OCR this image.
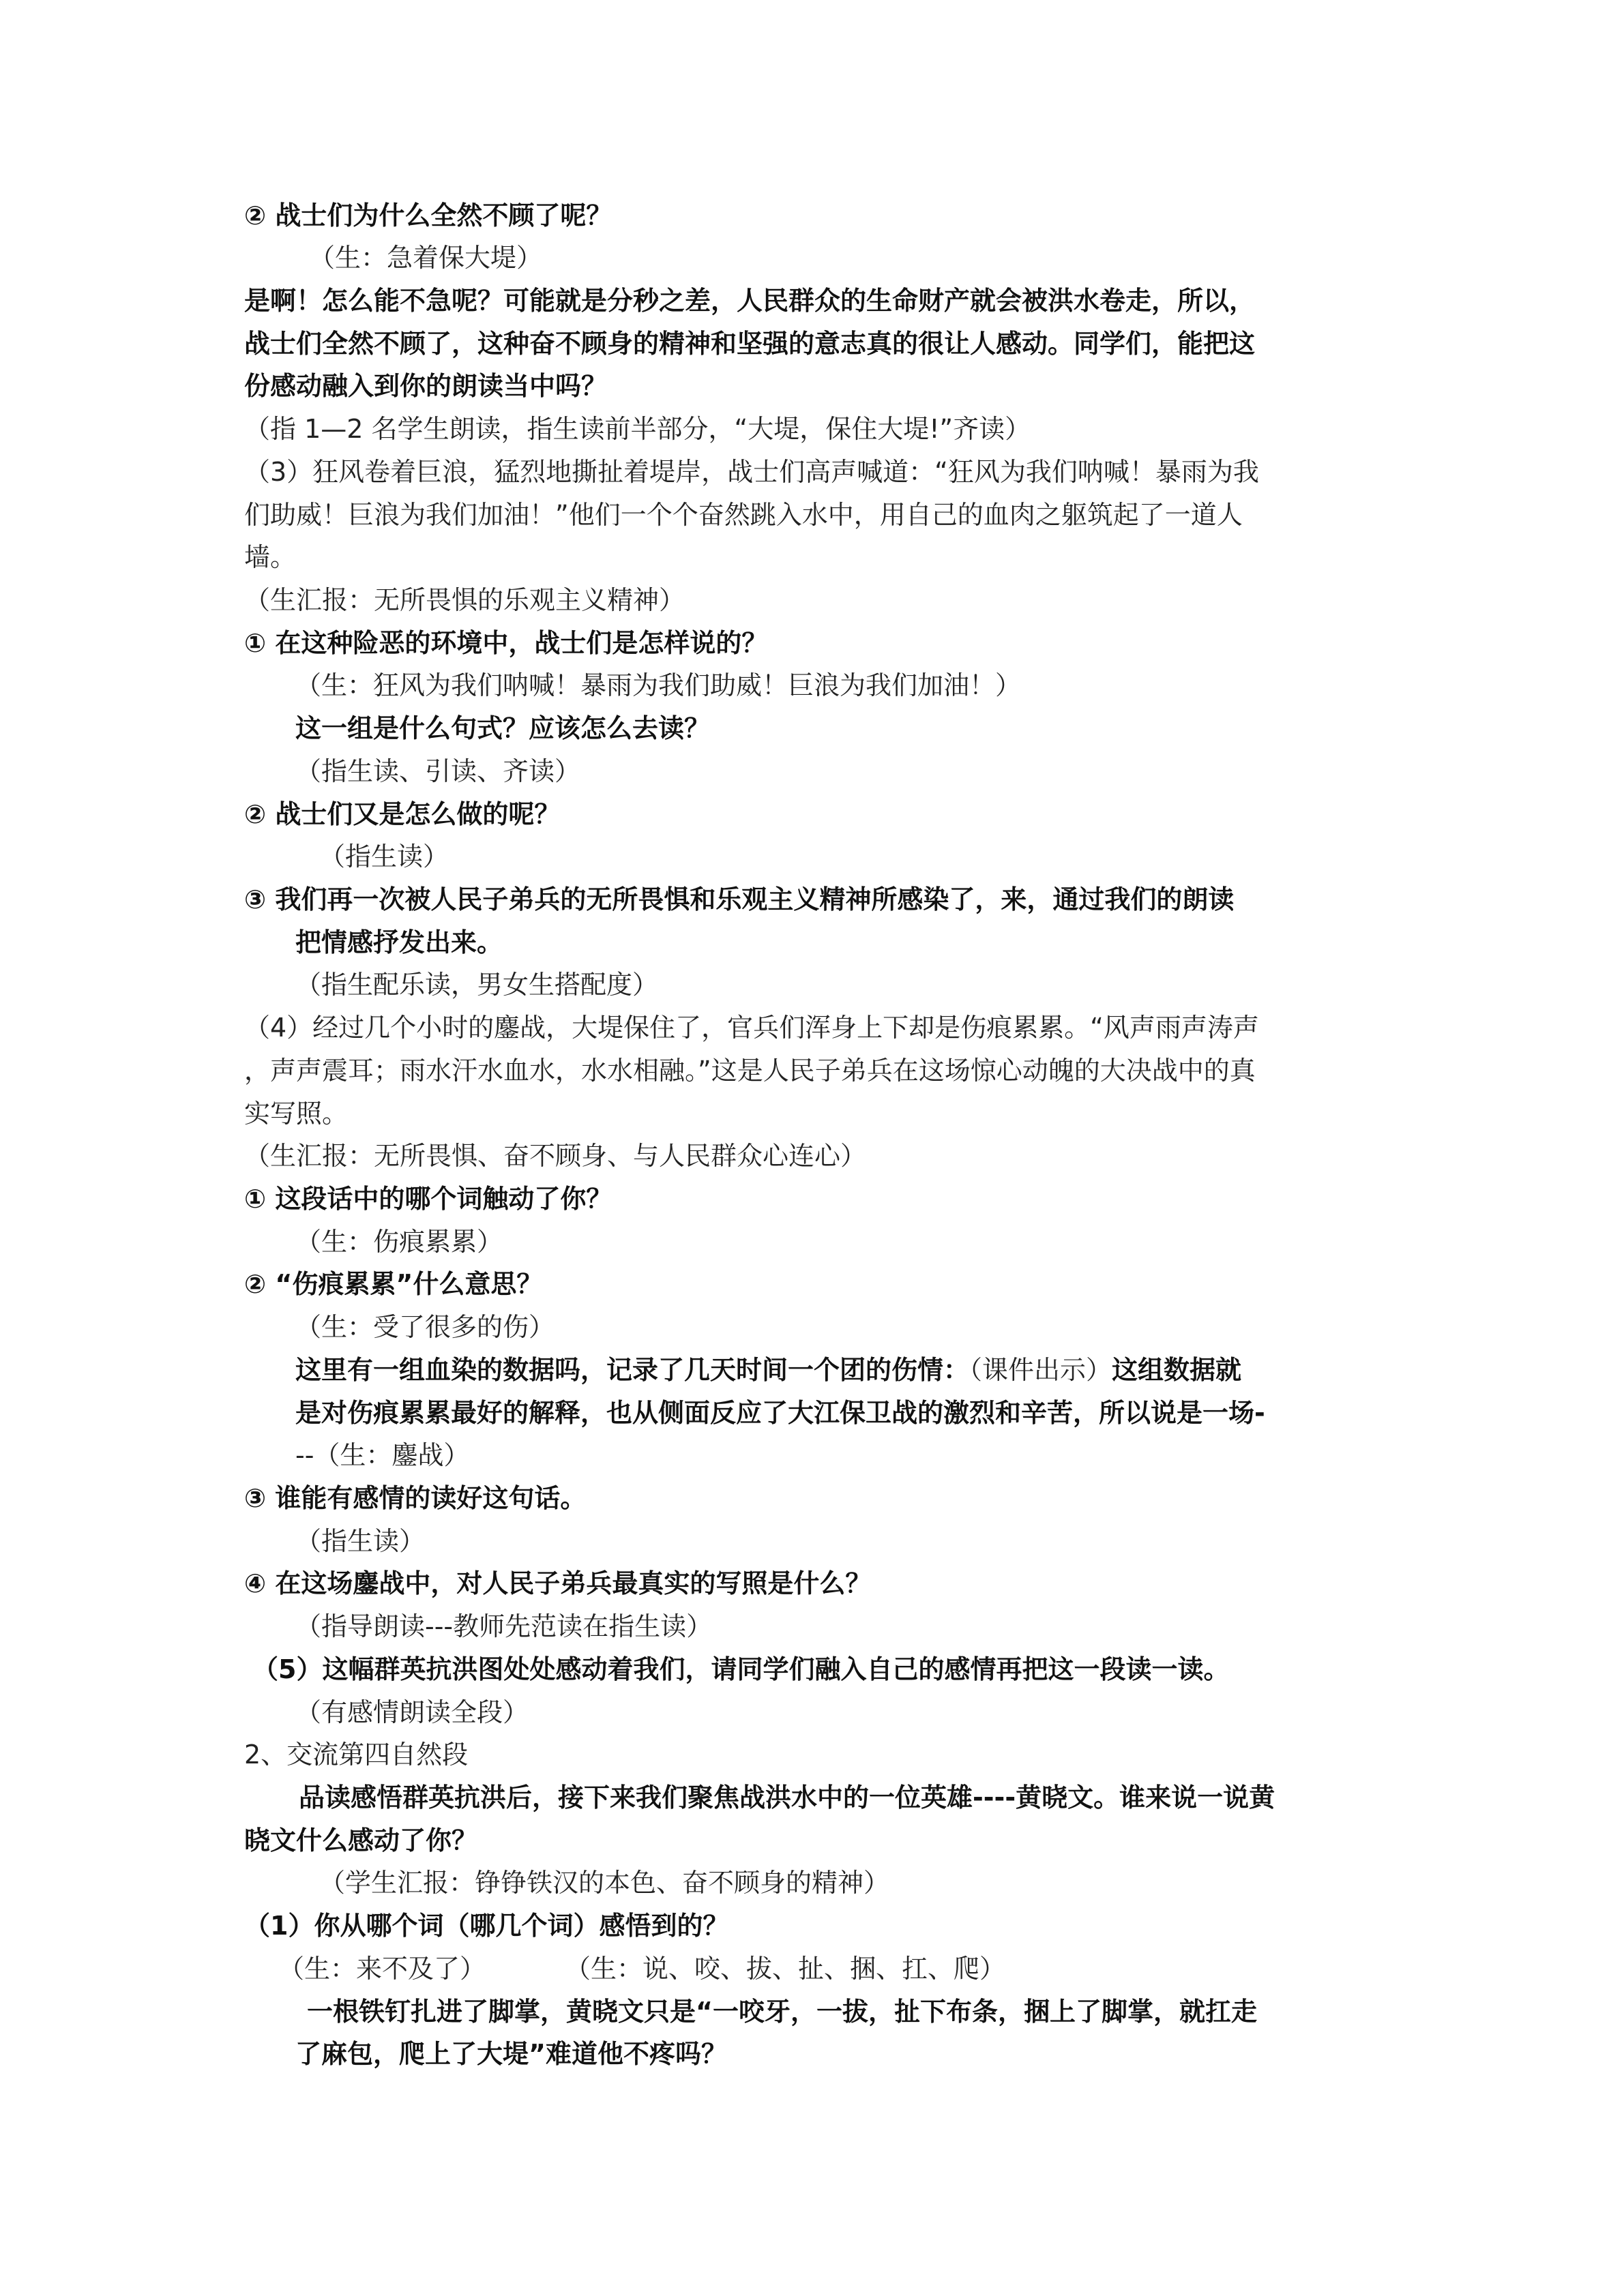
② 战士们为什么全然不顾了呢？
（生：急着保大堤）
是啊！怎么能不急呢？可能就是分秒之差，人民群众的生命财产就会被洪水卷走，所以，
战士们全然不顾了，这种奋不顾身的精神和坚强的意志真的很让人感动。同学们，能把这
份感动融入到你的朗读当中吗？
（指 1—2 名学生朗读，指生读前半部分，“大堤，保住大堤!”齐读）
（3）狂风卷着巨浪，猛烈地撕扯着堤岸，战士们高声喊道：“狂风为我们呐喊！暴雨为我
们助威！巨浪为我们加油！”他们一个个奋然跳入水中，用自己的血肉之躯筑起了一道人
墙。
（生汇报：无所畏惧的乐观主义精神）
① 在这种险恶的环境中，战士们是怎样说的？
（生：狂风为我们呐喊！暴雨为我们助威！巨浪为我们加油！）
这一组是什么句式？应该怎么去读？
（指生读、引读、齐读）
② 战士们又是怎么做的呢？
（指生读）
③ 我们再一次被人民子弟兵的无所畏惧和乐观主义精神所感染了，来，通过我们的朗读
把情感抒发出来。
（指生配乐读，男女生搭配度）
（4）经过几个小时的鏖战，大堤保住了，官兵们浑身上下却是伤痕累累。“风声雨声涛声
，声声震耳；雨水汗水血水，水水相融。”这是人民子弟兵在这场惊心动魄的大决战中的真
实写照。
（生汇报：无所畏惧、奋不顾身、与人民群众心连心）
① 这段话中的哪个词触动了你？
（生：伤痕累累）
② “伤痕累累”什么意思？
（生：受了很多的伤）
这里有一组血染的数据吗，记录了几天时间一个团的伤情：（课件出示）这组数据就
是对伤痕累累最好的解释，也从侧面反应了大江保卫战的激烈和辛苦，所以说是一场-
--（生：鏖战）
③ 谁能有感情的读好这句话。
（指生读）
④ 在这场鏖战中，对人民子弟兵最真实的写照是什么？
（指导朗读---教师先范读在指生读）
（5）这幅群英抗洪图处处感动着我们，请同学们融入自己的感情再把这一段读一读。
（有感情朗读全段）
2、交流第四自然段
品读感悟群英抗洪后，接下来我们聚焦战洪水中的一位英雄----黄晓文。谁来说一说黄
晓文什么感动了你？
（学生汇报：铮铮铁汉的本色、奋不顾身的精神）
（1）你从哪个词（哪几个词）感悟到的？
（生：来不及了）	（生：说、咬、拔、扯、捆、扛、爬）
一根铁钉扎进了脚掌，黄晓文只是“一咬牙，一拔，扯下布条，捆上了脚掌，就扛走
了麻包，爬上了大堤”难道他不疼吗？
